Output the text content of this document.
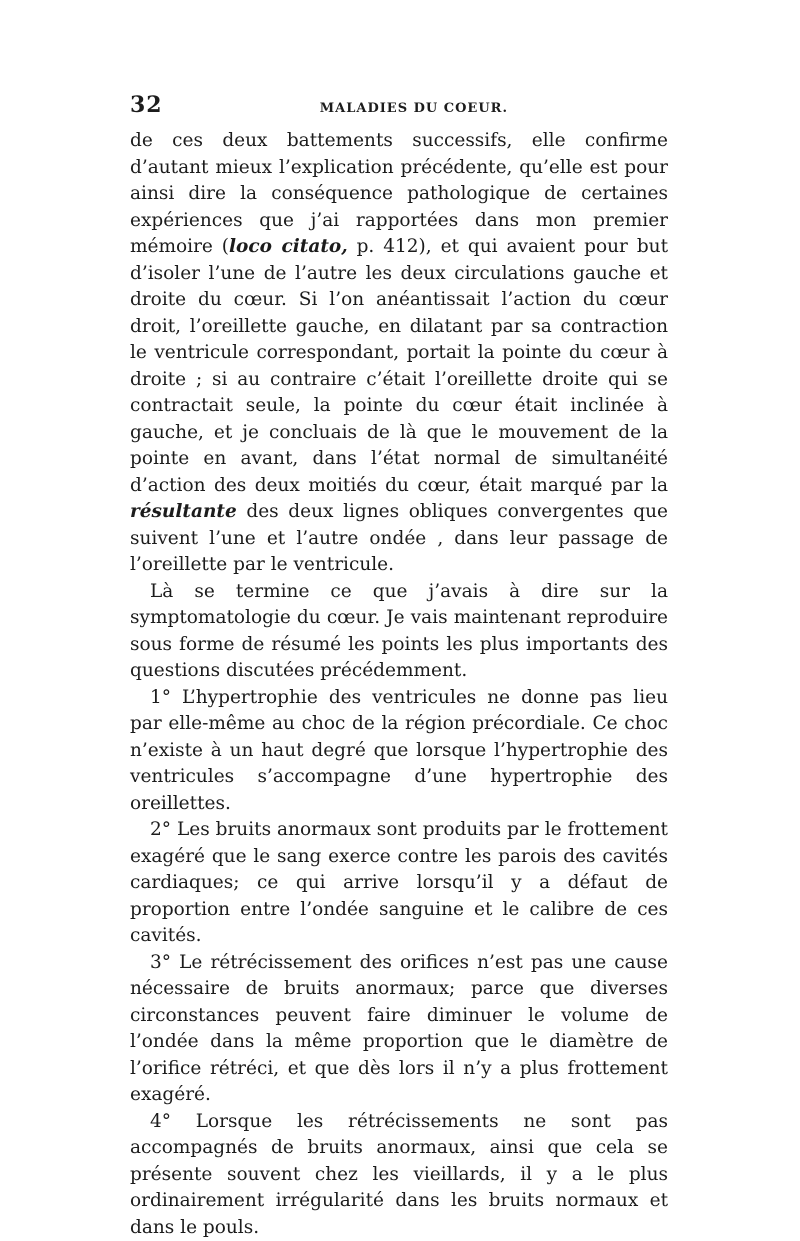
32	MALADIES DU COEUR.

de ces deux battements successifs, elle confirme d’autant mieux l’explication précédente, qu’elle est pour ainsi dire la conséquence pathologique de certaines expériences que j’ai rapportées dans mon premier mémoire (loco citato, p. 412), et qui avaient pour but d’isoler l’une de l’autre les deux circulations gauche et droite du cœur. Si l’on anéantissait l’action du cœur droit, l’oreillette gauche, en dilatant par sa contraction le ventricule correspondant, portait la pointe du cœur à droite ; si au contraire c’était l’oreillette droite qui se contractait seule, la pointe du cœur était inclinée à gauche, et je concluais de là que le mouvement de la pointe en avant, dans l’état normal de simultanéité d’action des deux moitiés du cœur, était marqué par la résultante des deux lignes obliques convergentes que suivent l’une et l’autre ondée , dans leur passage de l’oreillette par le ventricule.

Là se termine ce que j’avais à dire sur la symptomatologie du cœur. Je vais maintenant reproduire sous forme de résumé les points les plus importants des questions discutées précédemment.

1° L’hypertrophie des ventricules ne donne pas lieu par elle-même au choc de la région précordiale. Ce choc n’existe à un haut degré que lorsque l’hypertrophie des ventricules s’accompagne d’une hypertrophie des oreillettes.

2° Les bruits anormaux sont produits par le frottement exagéré que le sang exerce contre les parois des cavités cardiaques; ce qui arrive lorsqu’il y a défaut de proportion entre l’ondée sanguine et le calibre de ces cavités.

3° Le rétrécissement des orifices n’est pas une cause nécessaire de bruits anormaux; parce que diverses circonstances peuvent faire diminuer le volume de l’ondée dans la même proportion que le diamètre de l’orifice rétréci, et que dès lors il n’y a plus frottement exagéré.

4° Lorsque les rétrécissements ne sont pas accompagnés de bruits anormaux, ainsi que cela se présente souvent chez les vieillards, il y a le plus ordinairement irrégularité dans les bruits normaux et dans le pouls.
